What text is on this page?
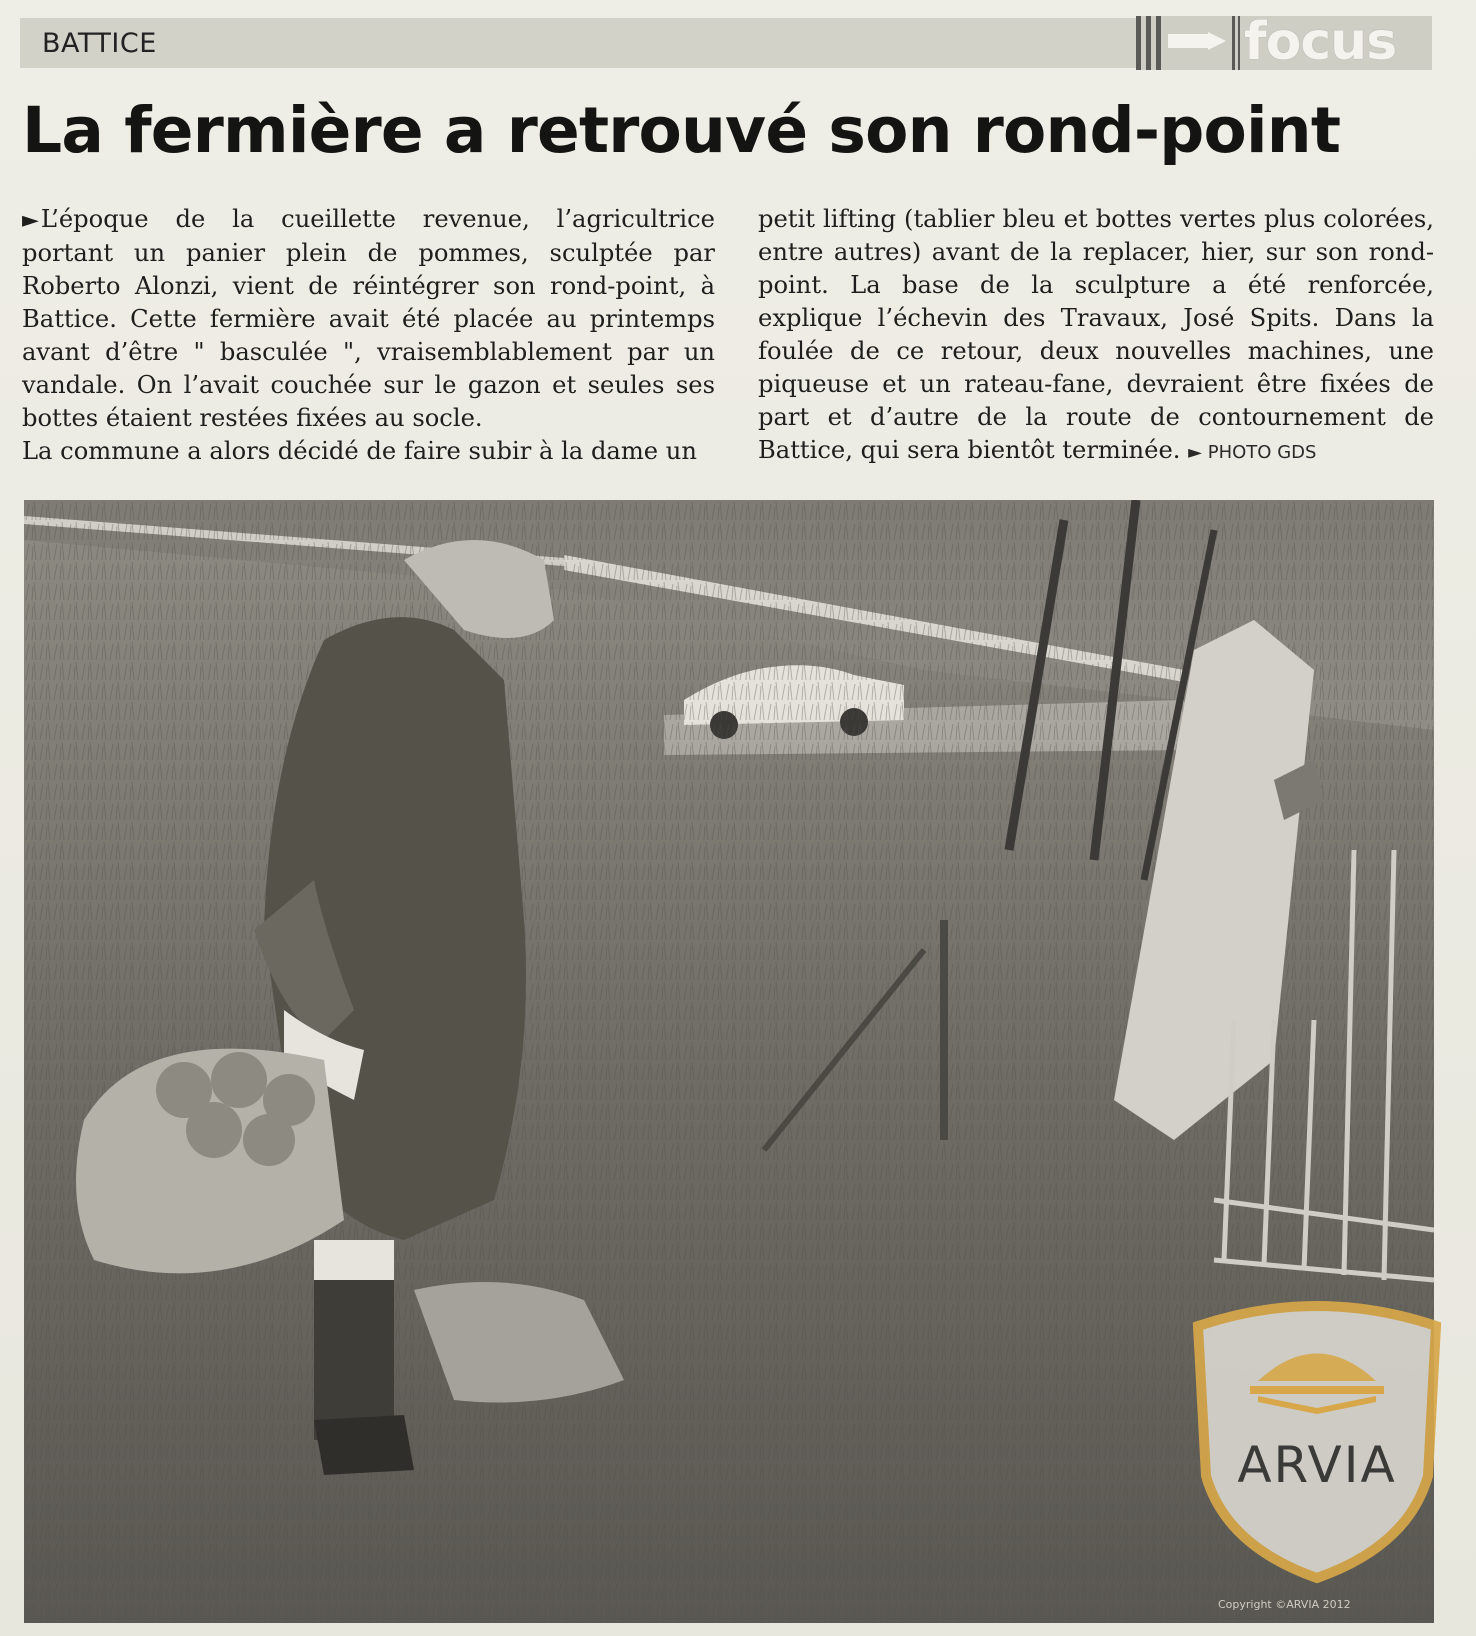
BATTICE	focus
La fermière a retrouvé son rond-point

►L’époque de la cueillette revenue, l’agricultrice portant un panier plein de pommes, sculptée par Roberto Alonzi, vient de réintégrer son rond-point, à Battice. Cette fermière avait été placée au printemps avant d’être " basculée ", vraisemblablement par un vandale. On l’avait couchée sur le gazon et seules ses bottes étaient restées fixées au socle.

La commune a alors décidé de faire subir à la dame un

petit lifting (tablier bleu et bottes vertes plus colorées, entre autres) avant de la replacer, hier, sur son rond-point. La base de la sculpture a été renforcée, explique l’échevin des Travaux, José Spits. Dans la foulée de ce retour, deux nouvelles machines, une piqueuse et un rateau-fane, devraient être fixées de part et d’autre de la route de contournement de Battice, qui sera bientôt terminée. ► PHOTO GDS

Copyright ©ARVIA 2012
ARVIA
